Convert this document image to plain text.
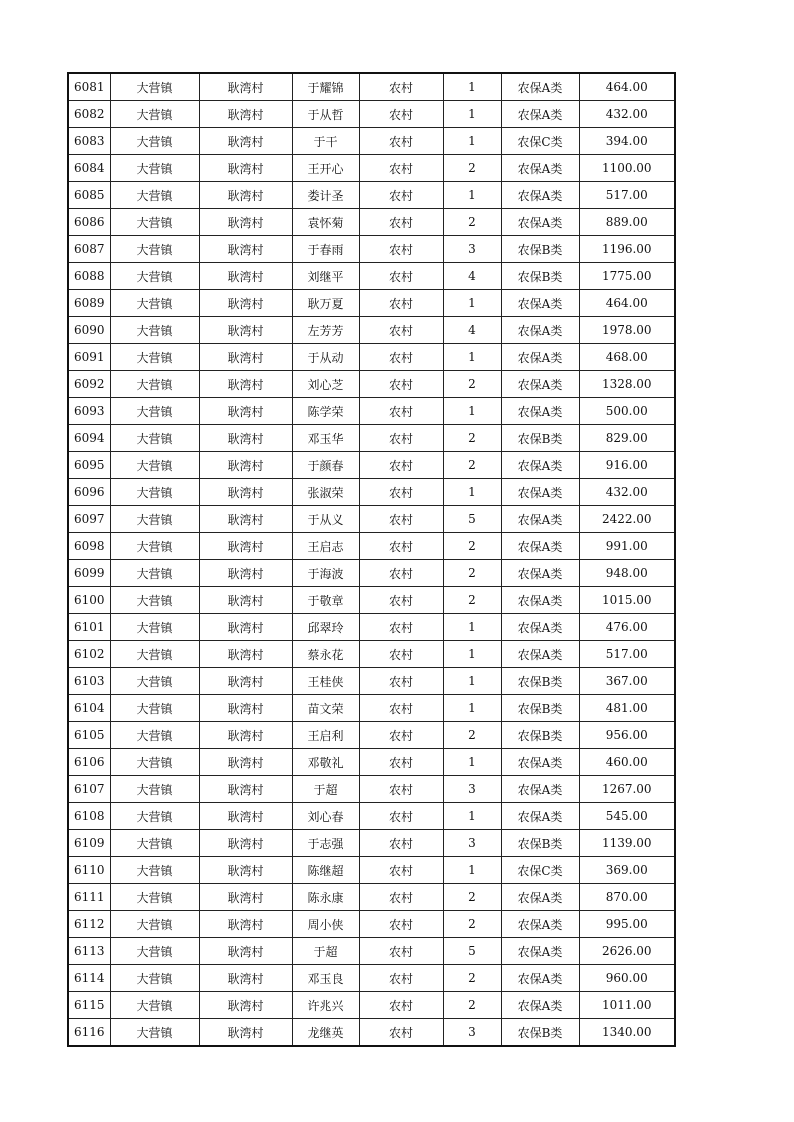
6081	大营镇	耿湾村	于耀锦	农村	1	农保A类	464.00
6082	大营镇	耿湾村	于从哲	农村	1	农保A类	432.00
6083	大营镇	耿湾村	于干	农村	1	农保C类	394.00
6084	大营镇	耿湾村	王开心	农村	2	农保A类	1100.00
6085	大营镇	耿湾村	娄计圣	农村	1	农保A类	517.00
6086	大营镇	耿湾村	袁怀菊	农村	2	农保A类	889.00
6087	大营镇	耿湾村	于春雨	农村	3	农保B类	1196.00
6088	大营镇	耿湾村	刘继平	农村	4	农保B类	1775.00
6089	大营镇	耿湾村	耿万夏	农村	1	农保A类	464.00
6090	大营镇	耿湾村	左芳芳	农村	4	农保A类	1978.00
6091	大营镇	耿湾村	于从动	农村	1	农保A类	468.00
6092	大营镇	耿湾村	刘心芝	农村	2	农保A类	1328.00
6093	大营镇	耿湾村	陈学荣	农村	1	农保A类	500.00
6094	大营镇	耿湾村	邓玉华	农村	2	农保B类	829.00
6095	大营镇	耿湾村	于颜春	农村	2	农保A类	916.00
6096	大营镇	耿湾村	张淑荣	农村	1	农保A类	432.00
6097	大营镇	耿湾村	于从义	农村	5	农保A类	2422.00
6098	大营镇	耿湾村	王启志	农村	2	农保A类	991.00
6099	大营镇	耿湾村	于海波	农村	2	农保A类	948.00
6100	大营镇	耿湾村	于敬章	农村	2	农保A类	1015.00
6101	大营镇	耿湾村	邱翠玲	农村	1	农保A类	476.00
6102	大营镇	耿湾村	蔡永花	农村	1	农保A类	517.00
6103	大营镇	耿湾村	王桂侠	农村	1	农保B类	367.00
6104	大营镇	耿湾村	苗文荣	农村	1	农保B类	481.00
6105	大营镇	耿湾村	王启利	农村	2	农保B类	956.00
6106	大营镇	耿湾村	邓敬礼	农村	1	农保A类	460.00
6107	大营镇	耿湾村	于超	农村	3	农保A类	1267.00
6108	大营镇	耿湾村	刘心春	农村	1	农保A类	545.00
6109	大营镇	耿湾村	于志强	农村	3	农保B类	1139.00
6110	大营镇	耿湾村	陈继超	农村	1	农保C类	369.00
6111	大营镇	耿湾村	陈永康	农村	2	农保A类	870.00
6112	大营镇	耿湾村	周小侠	农村	2	农保A类	995.00
6113	大营镇	耿湾村	于超	农村	5	农保A类	2626.00
6114	大营镇	耿湾村	邓玉良	农村	2	农保A类	960.00
6115	大营镇	耿湾村	许兆兴	农村	2	农保A类	1011.00
6116	大营镇	耿湾村	龙继英	农村	3	农保B类	1340.00
